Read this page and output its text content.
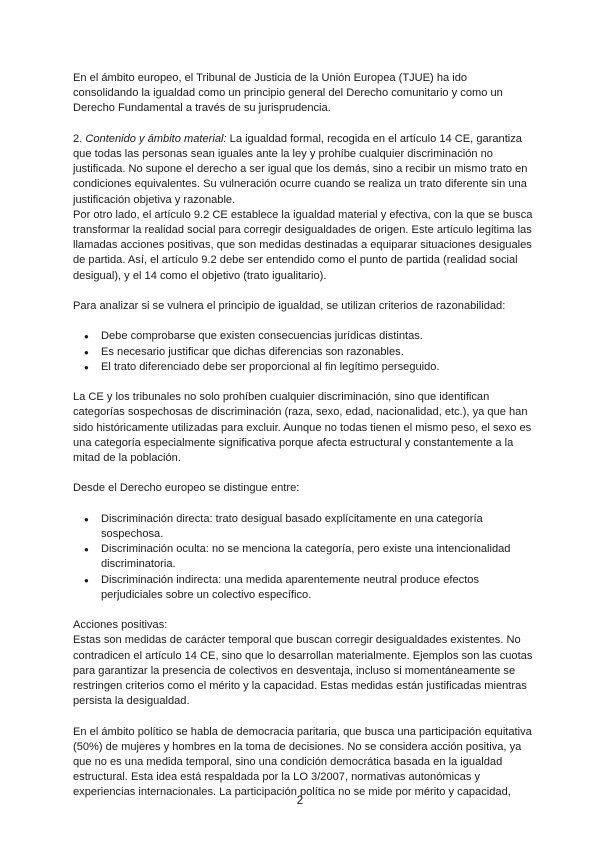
En el ámbito europeo, el Tribunal de Justicia de la Unión Europea (TJUE) ha ido consolidando la igualdad como un principio general del Derecho comunitario y como un Derecho Fundamental a través de su jurisprudencia.

2. Contenido y ámbito material: La igualdad formal, recogida en el artículo 14 CE, garantiza que todas las personas sean iguales ante la ley y prohíbe cualquier discriminación no justificada. No supone el derecho a ser igual que los demás, sino a recibir un mismo trato en condiciones equivalentes. Su vulneración ocurre cuando se realiza un trato diferente sin una justificación objetiva y razonable.

Por otro lado, el artículo 9.2 CE establece la igualdad material y efectiva, con la que se busca transformar la realidad social para corregir desigualdades de origen. Este artículo legitima las llamadas acciones positivas, que son medidas destinadas a equiparar situaciones desiguales de partida. Así, el artículo 9.2 debe ser entendido como el punto de partida (realidad social desigual), y el 14 como el objetivo (trato igualitario).

Para analizar si se vulnera el principio de igualdad, se utilizan criterios de razonabilidad:

● Debe comprobarse que existen consecuencias jurídicas distintas.
● Es necesario justificar que dichas diferencias son razonables.
● El trato diferenciado debe ser proporcional al fin legítimo perseguido.

La CE y los tribunales no solo prohíben cualquier discriminación, sino que identifican categorías sospechosas de discriminación (raza, sexo, edad, nacionalidad, etc.), ya que han sido históricamente utilizadas para excluir. Aunque no todas tienen el mismo peso, el sexo es una categoría especialmente significativa porque afecta estructural y constantemente a la mitad de la población.

Desde el Derecho europeo se distingue entre:

● Discriminación directa: trato desigual basado explícitamente en una categoría sospechosa.
● Discriminación oculta: no se menciona la categoría, pero existe una intencionalidad discriminatoria.
● Discriminación indirecta: una medida aparentemente neutral produce efectos perjudiciales sobre un colectivo específico.

Acciones positivas:

Estas son medidas de carácter temporal que buscan corregir desigualdades existentes. No contradicen el artículo 14 CE, sino que lo desarrollan materialmente. Ejemplos son las cuotas para garantizar la presencia de colectivos en desventaja, incluso si momentáneamente se restringen criterios como el mérito y la capacidad. Estas medidas están justificadas mientras persista la desigualdad.

En el ámbito político se habla de democracia paritaria, que busca una participación equitativa (50%) de mujeres y hombres en la toma de decisiones. No se considera acción positiva, ya que no es una medida temporal, sino una condición democrática basada en la igualdad estructural. Esta idea está respaldada por la LO 3/2007, normativas autonómicas y experiencias internacionales. La participación política no se mide por mérito y capacidad,

2
